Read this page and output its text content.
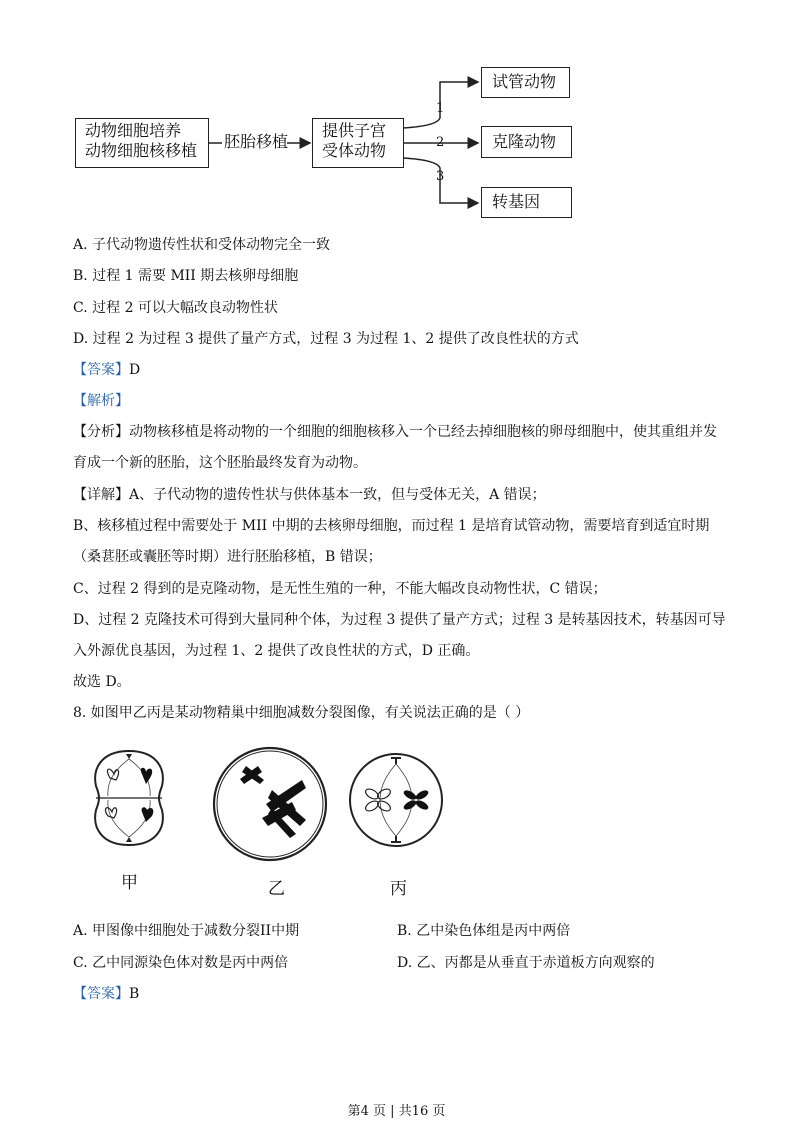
动物细胞培养
动物细胞核移植	胚胎移植
提供子宫
受体动物
1
2
3
试管动物
克隆动物
转基因
A. 子代动物遗传性状和受体动物完全一致
B. 过程 1 需要 MII 期去核卵母细胞
C. 过程 2 可以大幅改良动物性状
D. 过程 2 为过程 3 提供了量产方式，过程 3 为过程 1、2 提供了改良性状的方式
【答案】D
【解析】
【分析】动物核移植是将动物的一个细胞的细胞核移入一个已经去掉细胞核的卵母细胞中，使其重组并发
育成一个新的胚胎，这个胚胎最终发育为动物。
【详解】A、子代动物的遗传性状与供体基本一致，但与受体无关，A 错误；
B、核移植过程中需要处于 MII 中期的去核卵母细胞，而过程 1 是培育试管动物，需要培育到适宜时期
（桑葚胚或囊胚等时期）进行胚胎移植，B 错误；
C、过程 2 得到的是克隆动物，是无性生殖的一种，不能大幅改良动物性状，C 错误；
D、过程 2 克隆技术可得到大量同种个体，为过程 3 提供了量产方式；过程 3 是转基因技术，转基因可导
入外源优良基因，为过程 1、2 提供了改良性状的方式，D 正确。
故选 D。
8. 如图甲乙丙是某动物精巢中细胞减数分裂图像，有关说法正确的是（ ）
甲	乙	丙
A. 甲图像中细胞处于减数分裂II中期	B. 乙中染色体组是丙中两倍
C. 乙中同源染色体对数是丙中两倍	D. 乙、丙都是从垂直于赤道板方向观察的
【答案】B
第4 页 | 共16 页
